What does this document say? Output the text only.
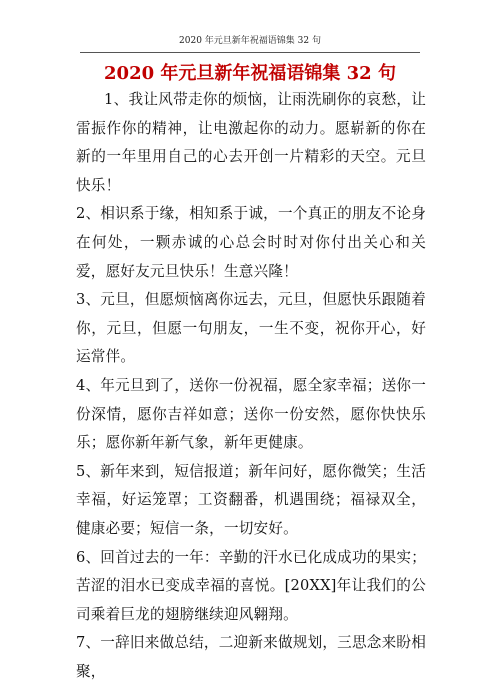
2020 年元旦新年祝福语锦集 32 句
2020 年元旦新年祝福语锦集 32 句

1、我让风带走你的烦恼，让雨洗刷你的哀愁，让雷振作你的精神，让电激起你的动力。愿崭新的你在新的一年里用自己的心去开创一片精彩的天空。元旦快乐！

2、相识系于缘，相知系于诚，一个真正的朋友不论身在何处，一颗赤诚的心总会时时对你付出关心和关爱，愿好友元旦快乐！生意兴隆！

3、元旦，但愿烦恼离你远去，元旦，但愿快乐跟随着你，元旦，但愿一句朋友，一生不变，祝你开心，好运常伴。

4、年元旦到了，送你一份祝福，愿全家幸福；送你一份深情，愿你吉祥如意；送你一份安然，愿你快快乐乐；愿你新年新气象，新年更健康。

5、新年来到，短信报道；新年问好，愿你微笑；生活幸福，好运笼罩；工资翻番，机遇围绕；福禄双全，健康必要；短信一条，一切安好。

6、回首过去的一年：辛勤的汗水已化成成功的果实；苦涩的泪水已变成幸福的喜悦。[20XX]年让我们的公司乘着巨龙的翅膀继续迎风翱翔。

7、一辞旧来做总结，二迎新来做规划，三思念来盼相聚，
